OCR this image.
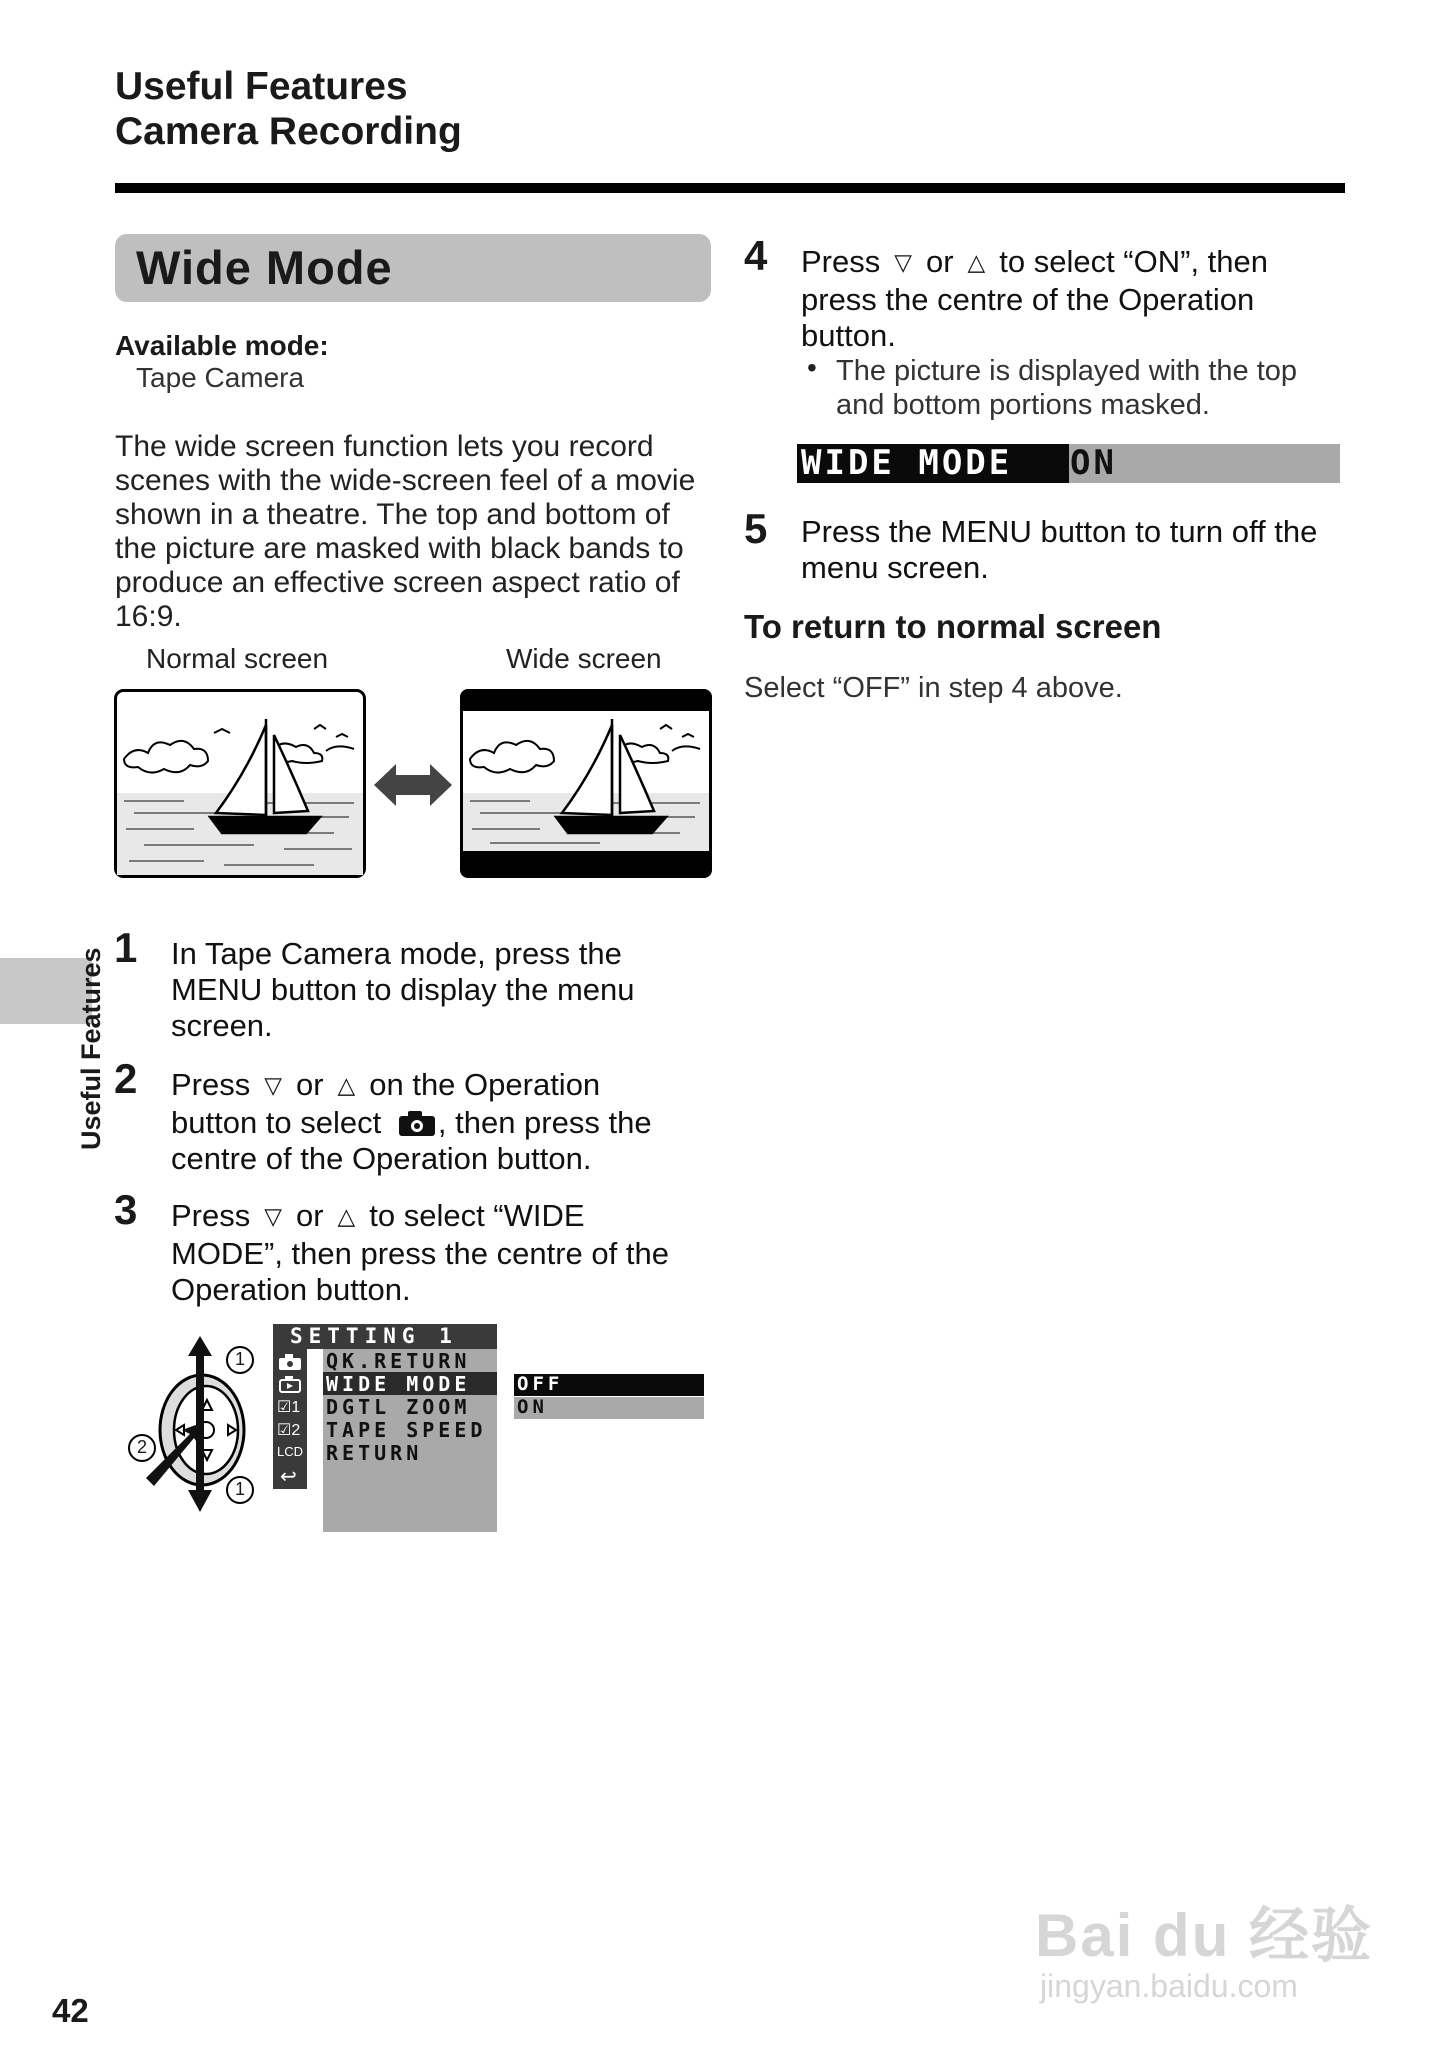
Useful Features
Camera Recording
Wide Mode
Available mode:
Tape Camera
The wide screen function lets you record
scenes with the wide-screen feel of a movie
shown in a theatre. The top and bottom of
the picture are masked with black bands to
produce an effective screen aspect ratio of
16:9.
Normal screen	Wide screen
1 In Tape Camera mode, press the
MENU button to display the menu
screen.
2 Press ▽ or △ on the Operation
button to select , then press the
centre of the Operation button.
3 Press ▽ or △ to select “WIDE
MODE”, then press the centre of the
Operation button.
1
2
1
SETTING 1
☑1
☑2
LCD
↩
QK.RETURN
WIDE MODE
DGTL ZOOM
TAPE SPEED
RETURN
OFF
ON
4 Press ▽ or △ to select “ON”, then
press the centre of the Operation
button.
• The picture is displayed with the top
and bottom portions masked.
WIDE MODE ON
5 Press the MENU button to turn off the
menu screen.
To return to normal screen
Select “OFF” in step 4 above.
Useful Features
42
Bai du 经验
jingyan.baidu.com
